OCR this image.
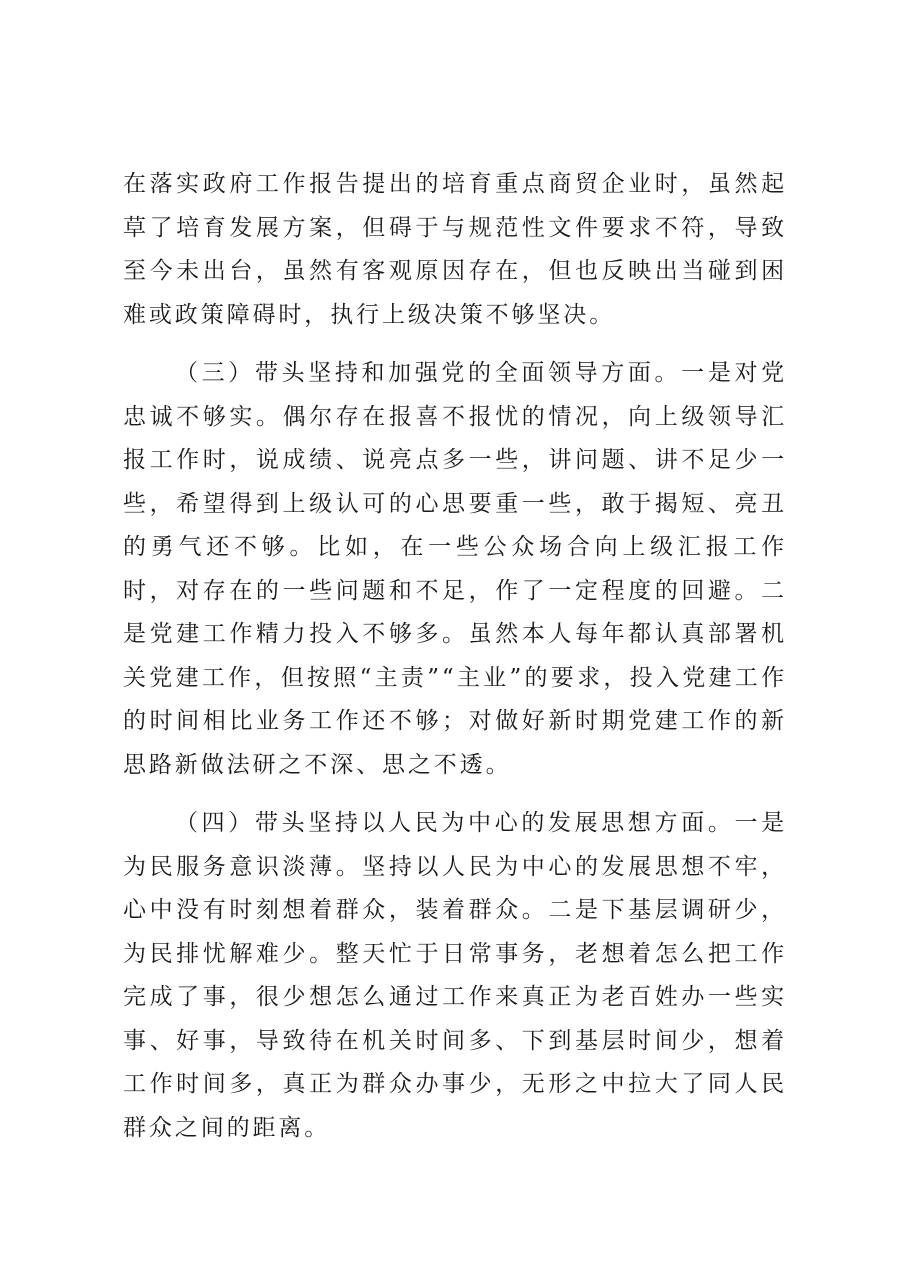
在落实政府工作报告提出的培育重点商贸企业时，虽然起草了培育发展方案，但碍于与规范性文件要求不符，导致至今未出台，虽然有客观原因存在，但也反映出当碰到困难或政策障碍时，执行上级决策不够坚决。

（三）带头坚持和加强党的全面领导方面。一是对党忠诚不够实。偶尔存在报喜不报忧的情况，向上级领导汇报工作时，说成绩、说亮点多一些，讲问题、讲不足少一些，希望得到上级认可的心思要重一些，敢于揭短、亮丑的勇气还不够。比如，在一些公众场合向上级汇报工作时，对存在的一些问题和不足，作了一定程度的回避。二是党建工作精力投入不够多。虽然本人每年都认真部署机关党建工作，但按照“主责”“主业”的要求，投入党建工作的时间相比业务工作还不够；对做好新时期党建工作的新思路新做法研之不深、思之不透。

（四）带头坚持以人民为中心的发展思想方面。一是为民服务意识淡薄。坚持以人民为中心的发展思想不牢，心中没有时刻想着群众，装着群众。二是下基层调研少，为民排忧解难少。整天忙于日常事务，老想着怎么把工作完成了事，很少想怎么通过工作来真正为老百姓办一些实事、好事，导致待在机关时间多、下到基层时间少，想着工作时间多，真正为群众办事少，无形之中拉大了同人民群众之间的距离。
